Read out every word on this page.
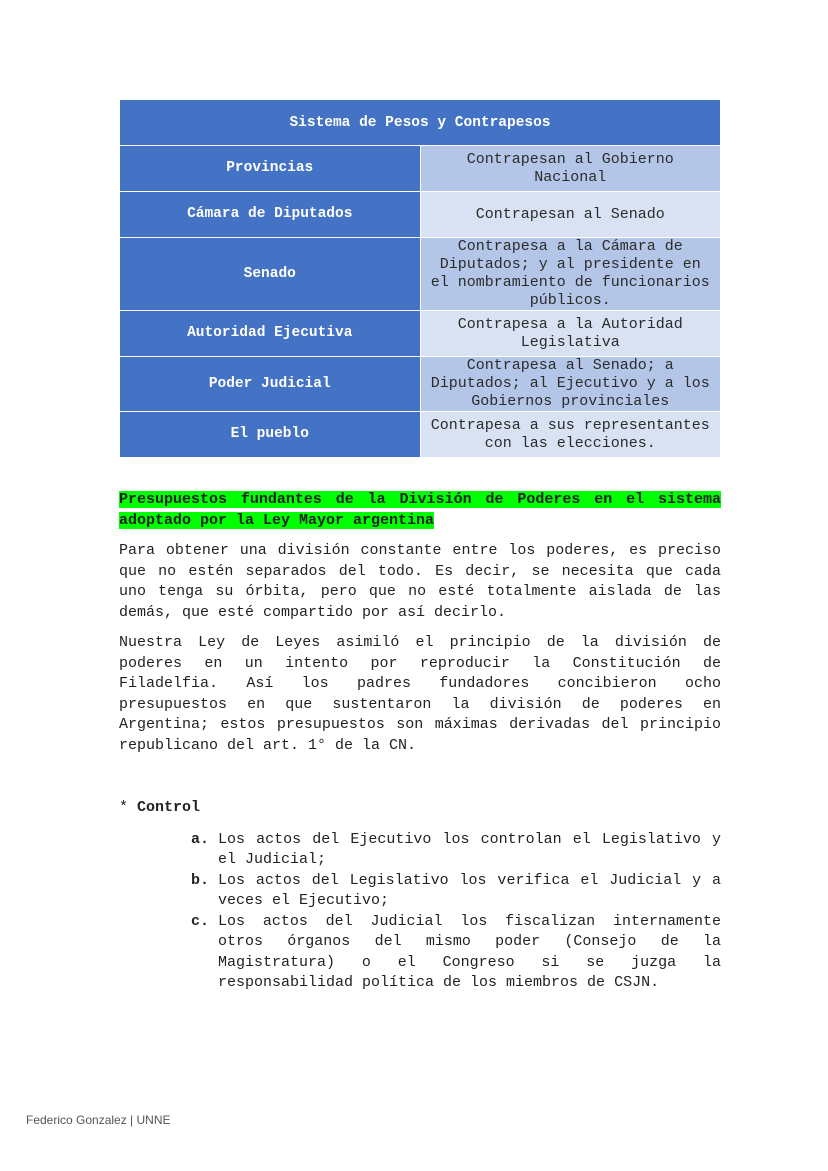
Sistema de Pesos y Contrapesos	
Provincias	Contrapesan al Gobierno Nacional
Cámara de Diputados	Contrapesan al Senado
Senado	Contrapesa a la Cámara de Diputados; y al presidente en el nombramiento de funcionarios públicos.
Autoridad Ejecutiva	Contrapesa a la Autoridad Legislativa
Poder Judicial	Contrapesa al Senado; a Diputados; al Ejecutivo y a los Gobiernos provinciales
El pueblo	Contrapesa a sus representantes con las elecciones.
Presupuestos fundantes de la División de Poderes en el sistema adoptado por la Ley Mayor argentina

Para obtener una división constante entre los poderes, es preciso que no estén separados del todo. Es decir, se necesita que cada uno tenga su órbita, pero que no esté totalmente aislada de las demás, que esté compartido por así decirlo.

Nuestra Ley de Leyes asimiló el principio de la división de poderes en un intento por reproducir la Constitución de Filadelfia. Así los padres fundadores concibieron ocho presupuestos en que sustentaron la división de poderes en Argentina; estos presupuestos son máximas derivadas del principio republicano del art. 1° de la CN.

* Control
a. Los actos del Ejecutivo los controlan el Legislativo y el Judicial;
b. Los actos del Legislativo los verifica el Judicial y a veces el Ejecutivo;
c. Los actos del Judicial los fiscalizan internamente otros órganos del mismo poder (Consejo de la Magistratura) o el Congreso si se juzga la responsabilidad política de los miembros de CSJN.
Federico Gonzalez | UNNE
